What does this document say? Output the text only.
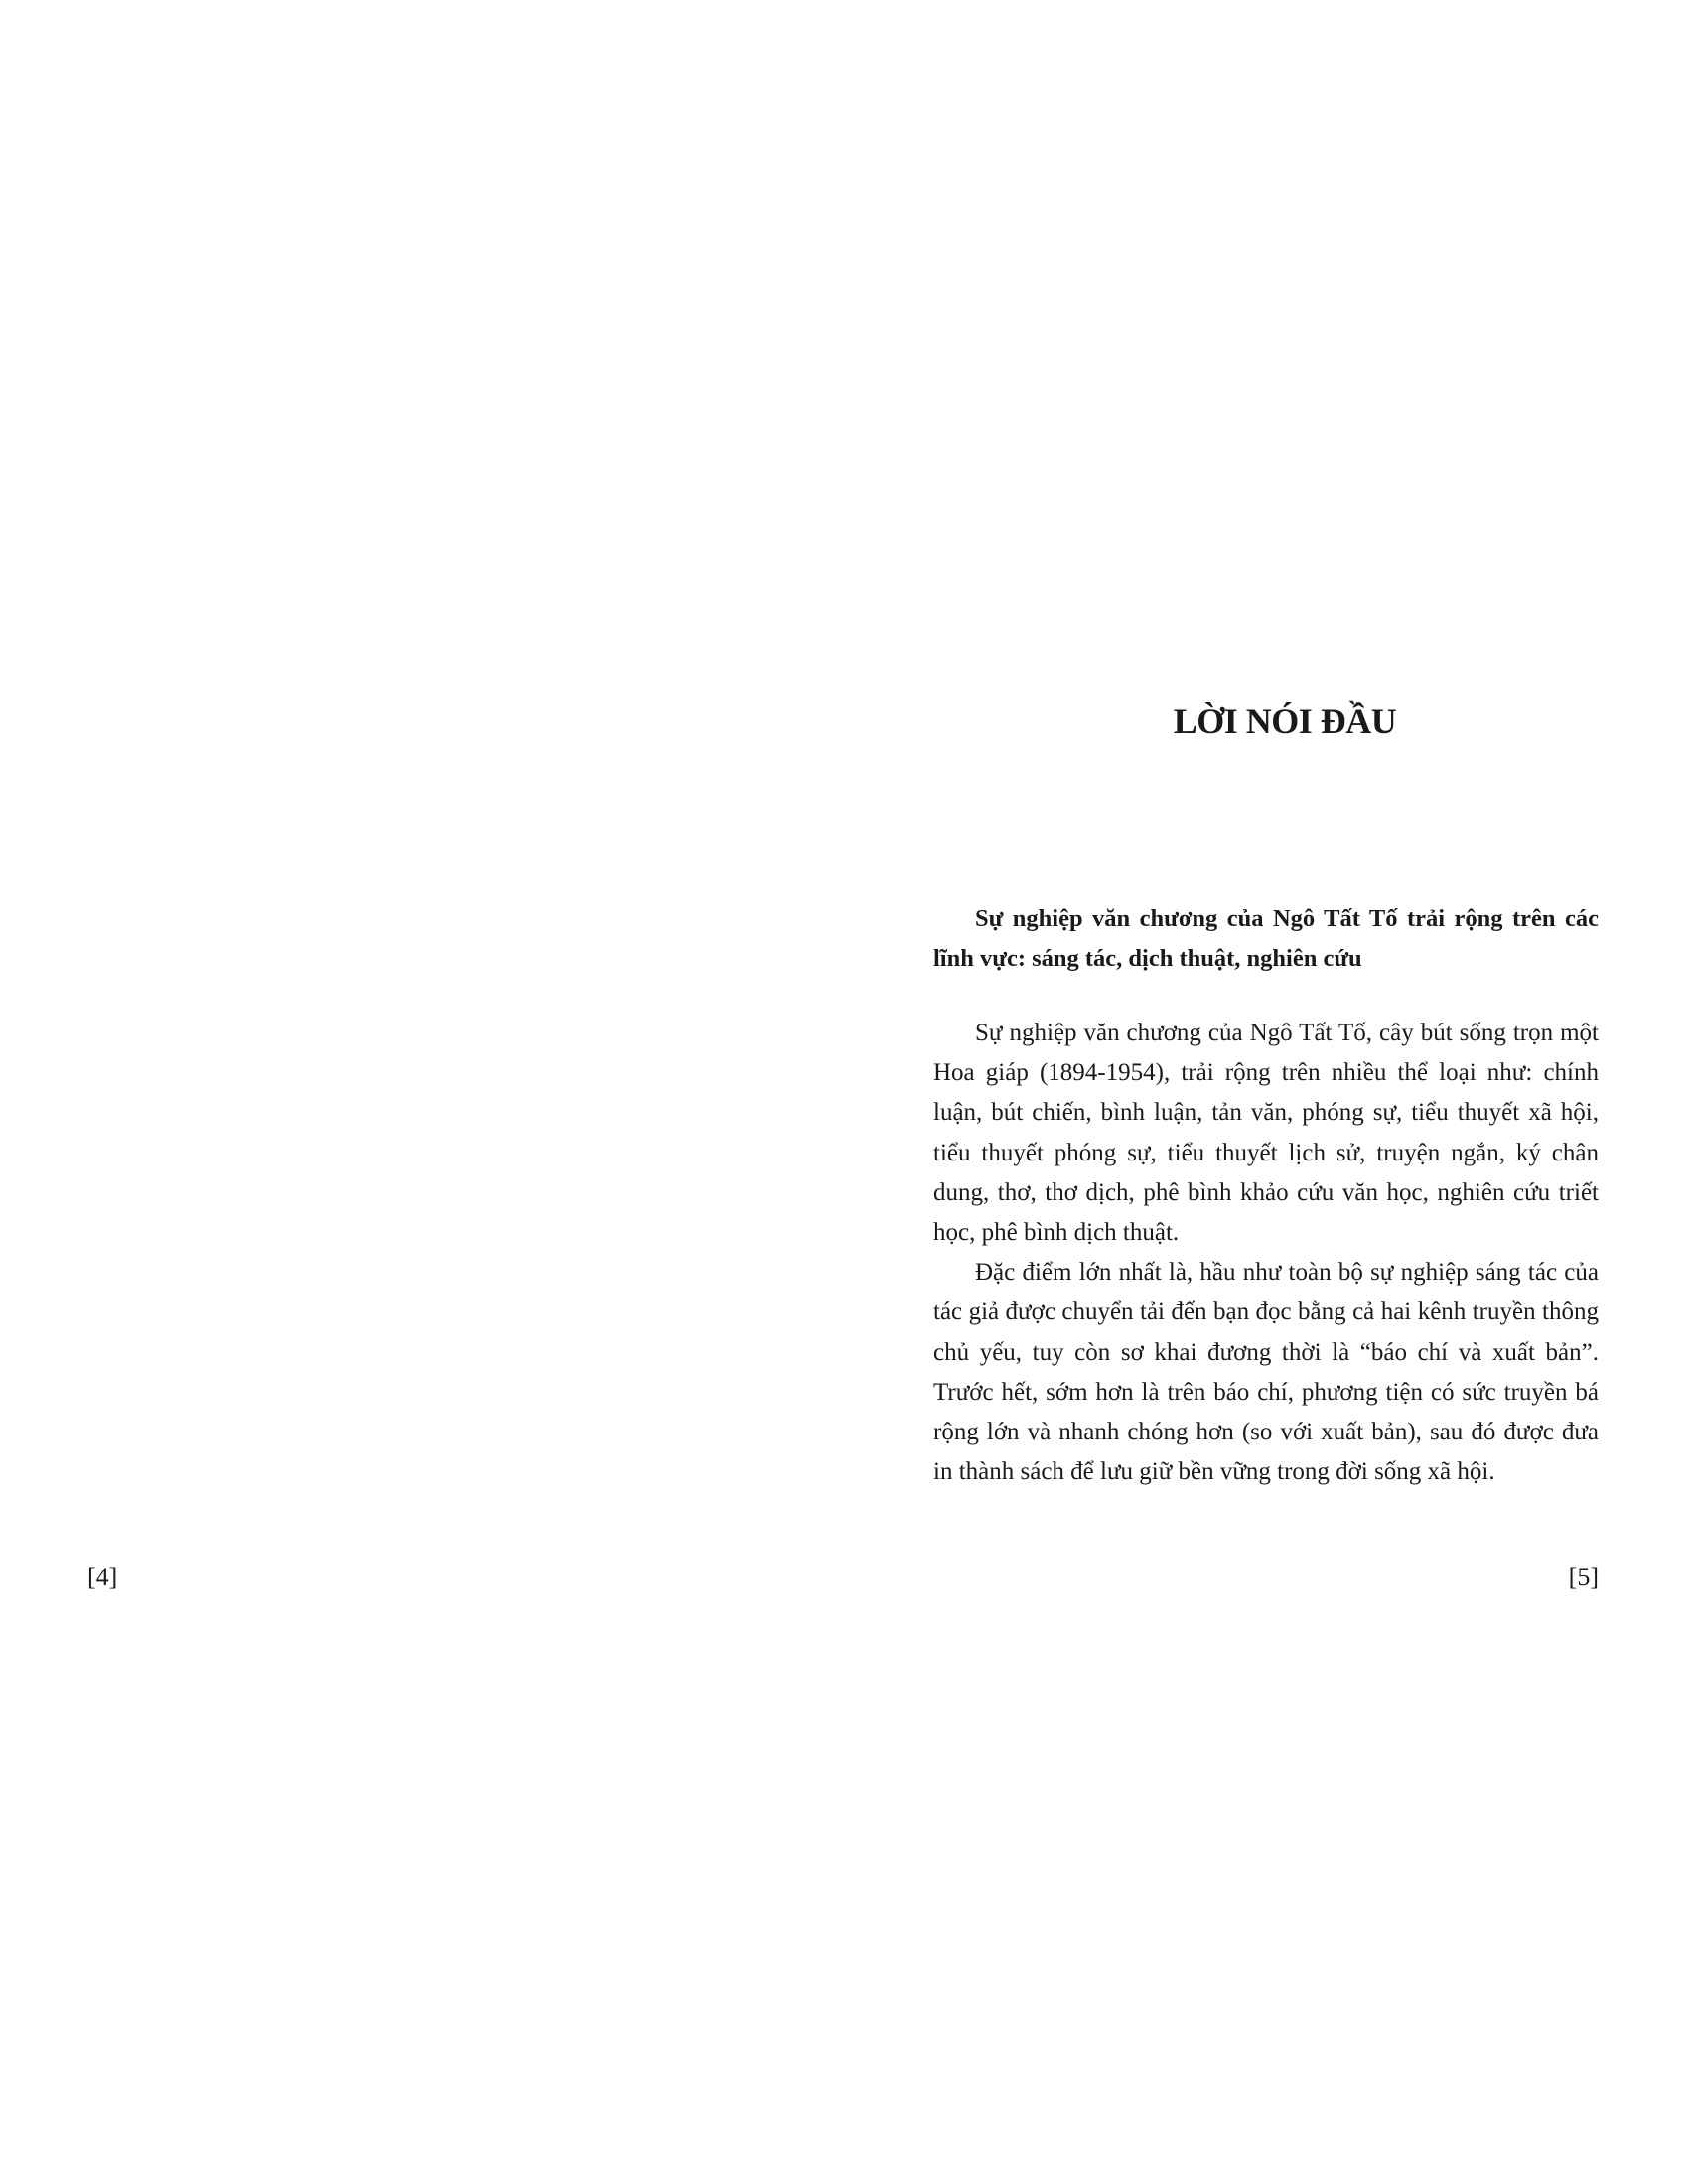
[4]

LỜI NÓI ĐẦU

Sự nghiệp văn chương của Ngô Tất Tố trải rộng trên các lĩnh vực: sáng tác, dịch thuật, nghiên cứu

Sự nghiệp văn chương của Ngô Tất Tố, cây bút sống trọn một Hoa giáp (1894-1954), trải rộng trên nhiều thể loại như: chính luận, bút chiến, bình luận, tản văn, phóng sự, tiểu thuyết xã hội, tiểu thuyết phóng sự, tiểu thuyết lịch sử, truyện ngắn, ký chân dung, thơ, thơ dịch, phê bình khảo cứu văn học, nghiên cứu triết học, phê bình dịch thuật.

Đặc điểm lớn nhất là, hầu như toàn bộ sự nghiệp sáng tác của tác giả được chuyển tải đến bạn đọc bằng cả hai kênh truyền thông chủ yếu, tuy còn sơ khai đương thời là “báo chí và xuất bản”. Trước hết, sớm hơn là trên báo chí, phương tiện có sức truyền bá rộng lớn và nhanh chóng hơn (so với xuất bản), sau đó được đưa in thành sách để lưu giữ bền vững trong đời sống xã hội.

[5]
